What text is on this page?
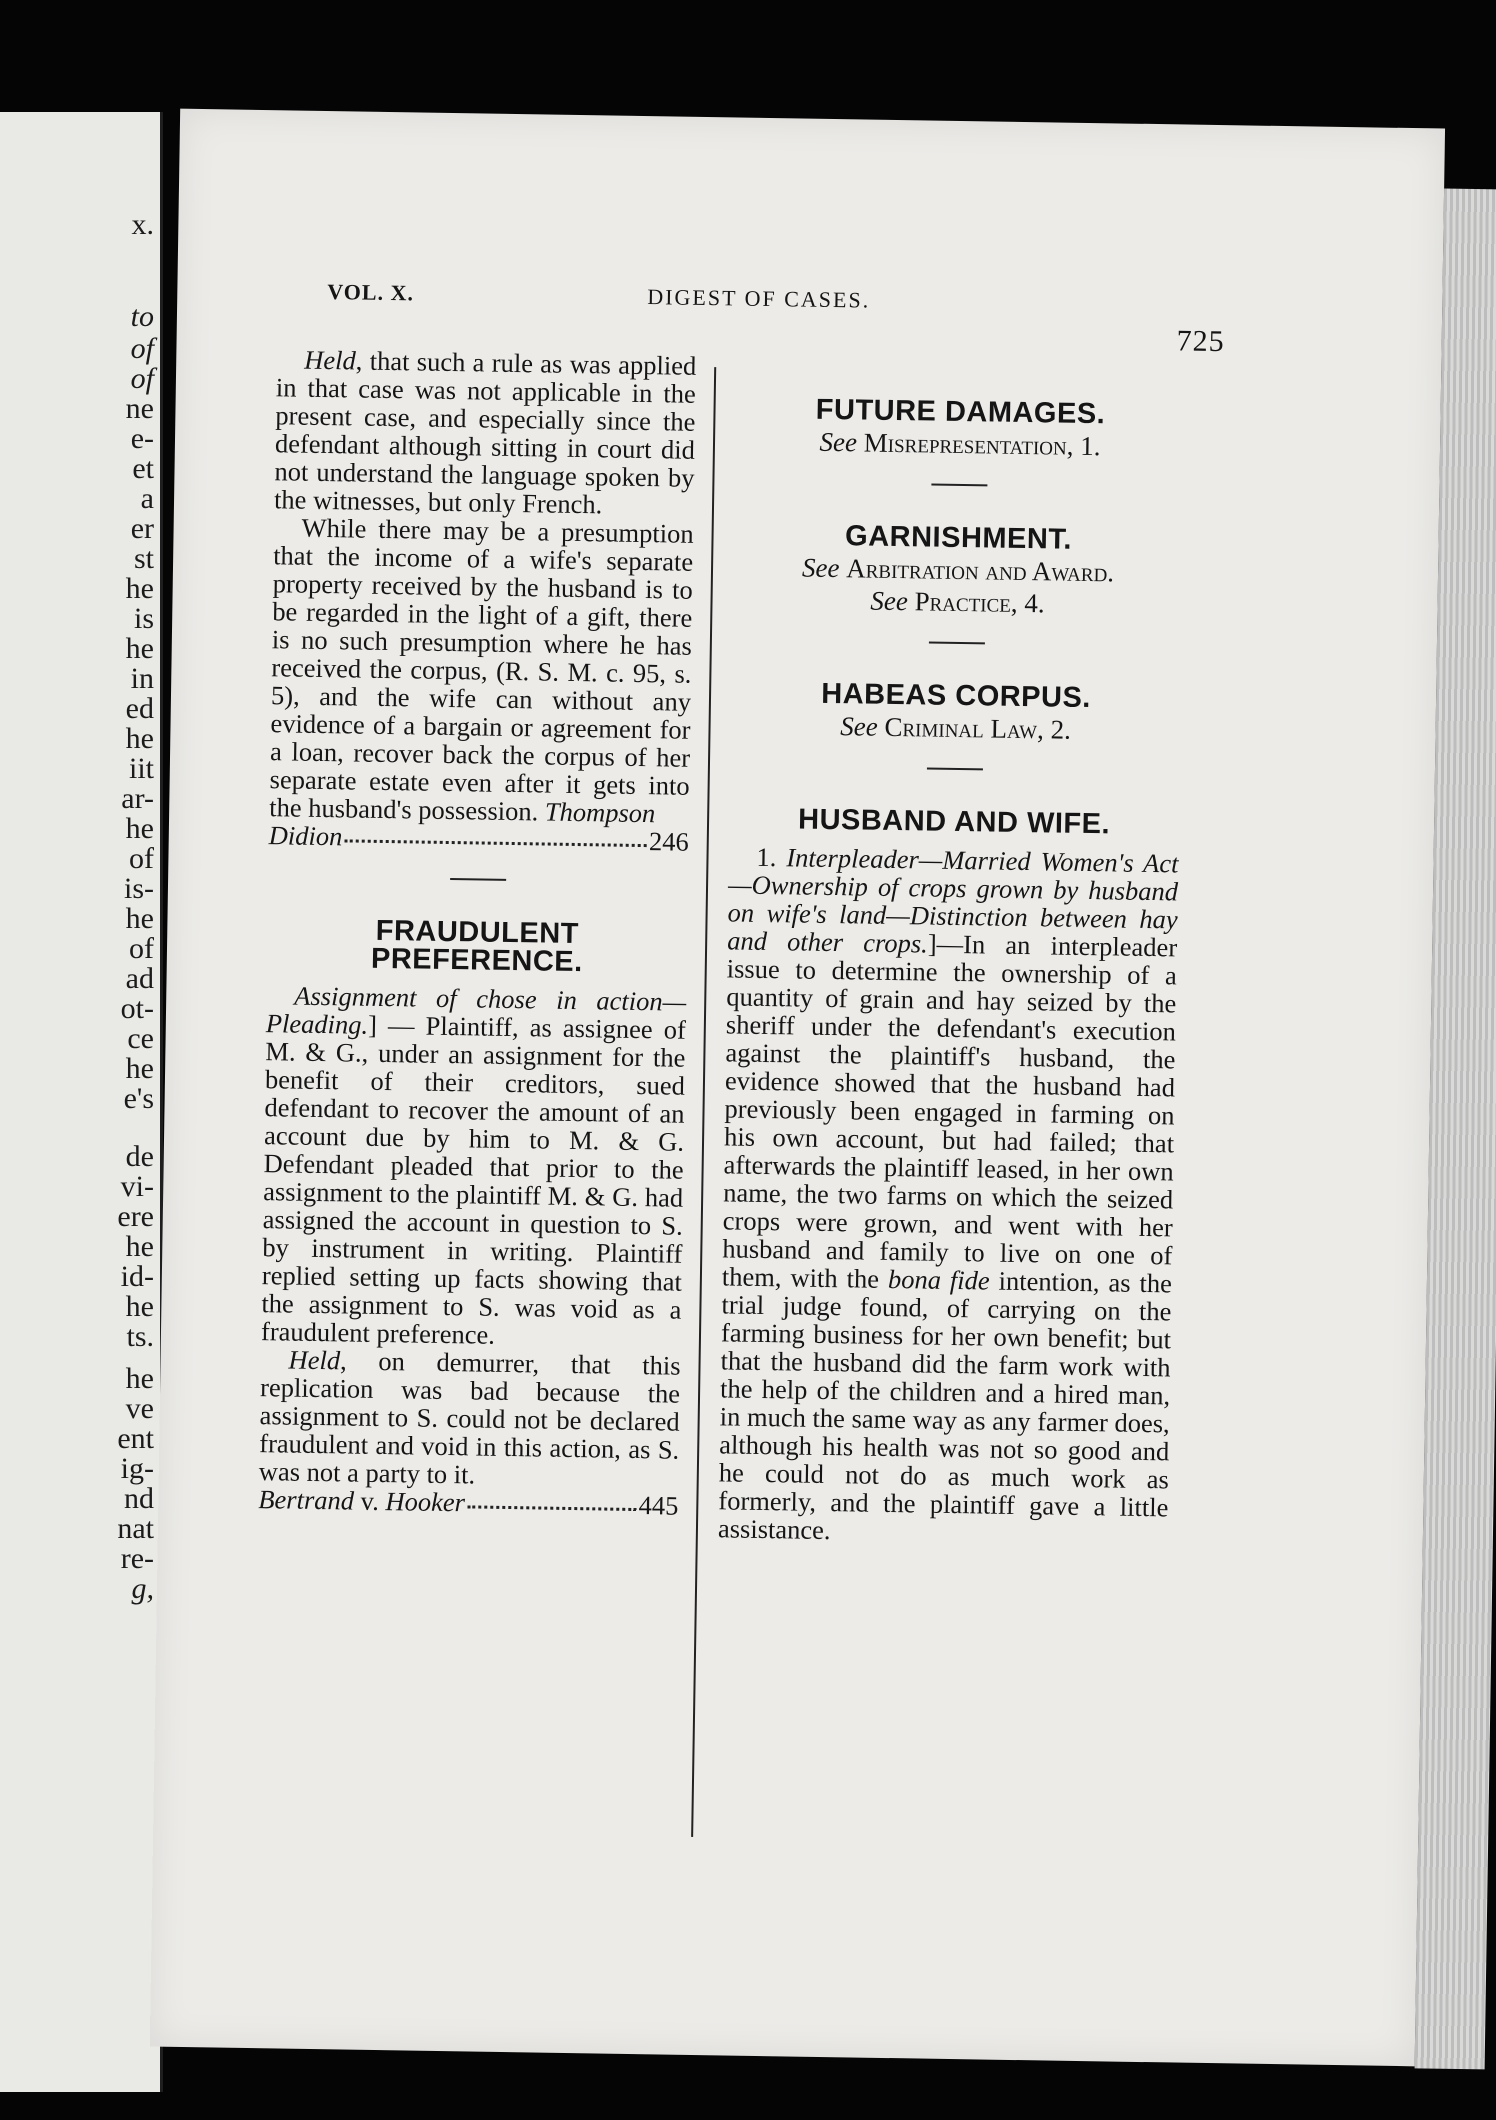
x.
to
of
of
ne
e-
et
a
er
st
he
is
he
in
ed
he
iit
ar-
he
of
is-
he
of
ad
ot-
ce
he
e's
de
vi-
ere
he
id-
he
ts.
he
ve
ent
ig-
nd
nat
re-
g,
VOL. X.	DIGEST OF CASES.
725

Held, that such a rule as was applied in that case was not applicable in the present case, and especially since the defendant although sitting in court did not understand the language spoken by the witnesses, but only French.

While there may be a presumption that the income of a wife's separate property received by the husband is to be regarded in the light of a gift, there is no such presumption where he has received the corpus, (R. S. M. c. 95, s. 5), and the wife can without any evidence of a bargain or agreement for a loan, recover back the corpus of her separate estate even after it gets into the husband's possession. Thompson

Didion	246

FRAUDULENT PREFERENCE.

Assignment of chose in action—Pleading.] — Plaintiff, as assignee of M. & G., under an assignment for the benefit of their creditors, sued defendant to recover the amount of an account due by him to M. & G. Defendant pleaded that prior to the assignment to the plaintiff M. & G. had assigned the account in question to S. by instrument in writing. Plaintiff replied setting up facts showing that the assignment to S. was void as a fraudulent preference.

Held, on demurrer, that this replication was bad because the assignment to S. could not be declared fraudulent and void in this action, as S. was not a party to it.

Bertrand v. Hooker	445

FUTURE DAMAGES.

See Misrepresentation, 1.

GARNISHMENT.

See Arbitration and Award.

See Practice, 4.

HABEAS CORPUS.

See Criminal Law, 2.

HUSBAND AND WIFE.

1. Interpleader—Married Women's Act—Ownership of crops grown by husband on wife's land—Distinction between hay and other crops.]—In an interpleader issue to determine the ownership of a quantity of grain and hay seized by the sheriff under the defendant's execution against the plaintiff's husband, the evidence showed that the husband had previously been engaged in farming on his own account, but had failed; that afterwards the plaintiff leased, in her own name, the two farms on which the seized crops were grown, and went with her husband and family to live on one of them, with the bona fide intention, as the trial judge found, of carrying on the farming business for her own benefit; but that the husband did the farm work with the help of the children and a hired man, in much the same way as any farmer does, although his health was not so good and he could not do as much work as formerly, and the plaintiff gave a little assistance.
